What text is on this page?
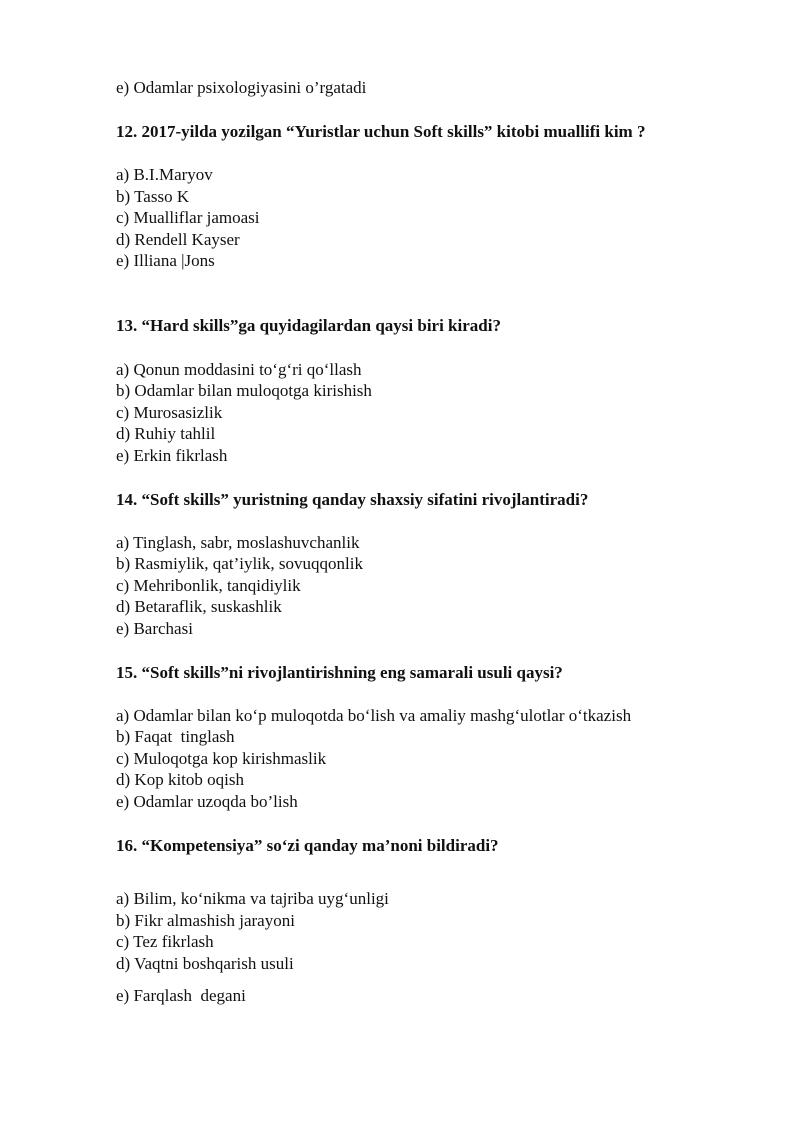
e) Odamlar psixologiyasini o’rgatadi
12. 2017-yilda yozilgan “Yuristlar uchun Soft skills” kitobi muallifi kim ?
a) B.I.Maryov
b) Tasso K
c) Mualliflar jamoasi
d) Rendell Kayser
e) Illiana |Jons
13. “Hard skills”ga quyidagilardan qaysi biri kiradi?
a) Qonun moddasini to‘g‘ri qo‘llash
b) Odamlar bilan muloqotga kirishish
c) Murosasizlik
d) Ruhiy tahlil
e) Erkin fikrlash
14. “Soft skills” yuristning qanday shaxsiy sifatini rivojlantiradi?
a) Tinglash, sabr, moslashuvchanlik
b) Rasmiylik, qat’iylik, sovuqqonlik
c) Mehribonlik, tanqidiylik
d) Betaraflik, suskashlik
e) Barchasi
15. “Soft skills”ni rivojlantirishning eng samarali usuli qaysi?
a) Odamlar bilan ko‘p muloqotda bo‘lish va amaliy mashg‘ulotlar o‘tkazish
b) Faqat  tinglash
c) Muloqotga kop kirishmaslik
d) Kop kitob oqish
e) Odamlar uzoqda bo’lish
16. “Kompetensiya” so‘zi qanday ma’noni bildiradi?
a) Bilim, ko‘nikma va tajriba uyg‘unligi
b) Fikr almashish jarayoni
c) Tez fikrlash
d) Vaqtni boshqarish usuli
e) Farqlash  degani
